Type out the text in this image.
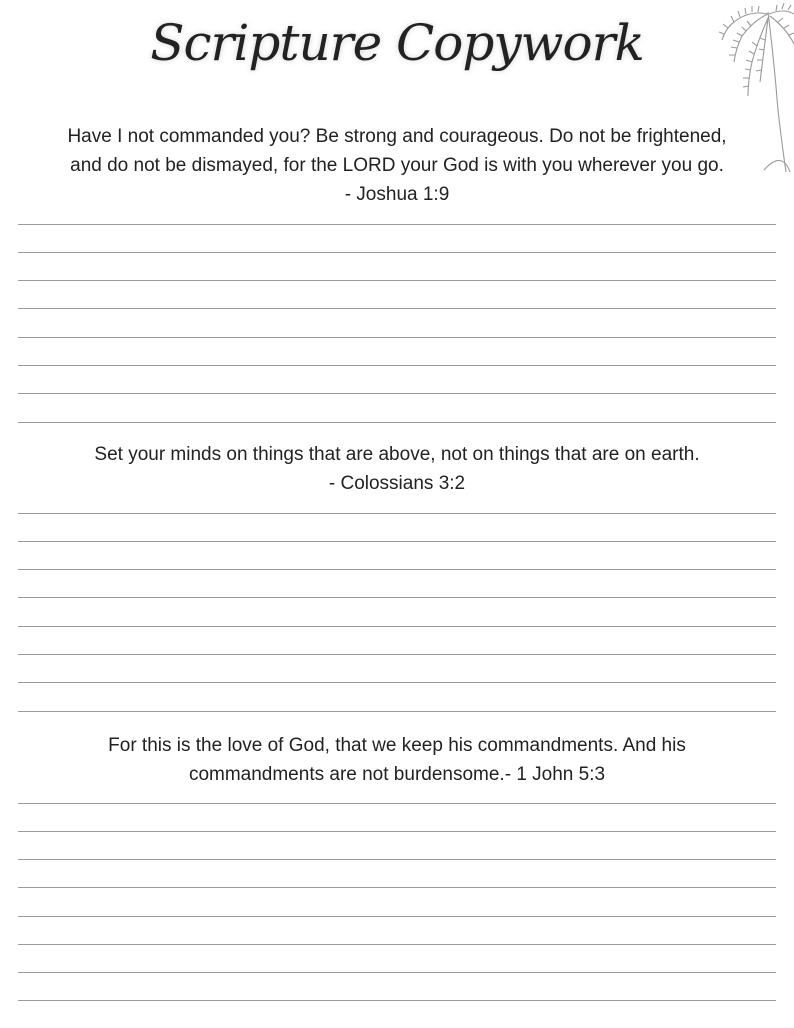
Scripture Copywork
Have I not commanded you? Be strong and courageous. Do not be frightened,
and do not be dismayed, for the LORD your God is with you wherever you go.
- Joshua 1:9
Set your minds on things that are above, not on things that are on earth.
- Colossians 3:2
For this is the love of God, that we keep his commandments. And his
commandments are not burdensome.- 1 John 5:3
